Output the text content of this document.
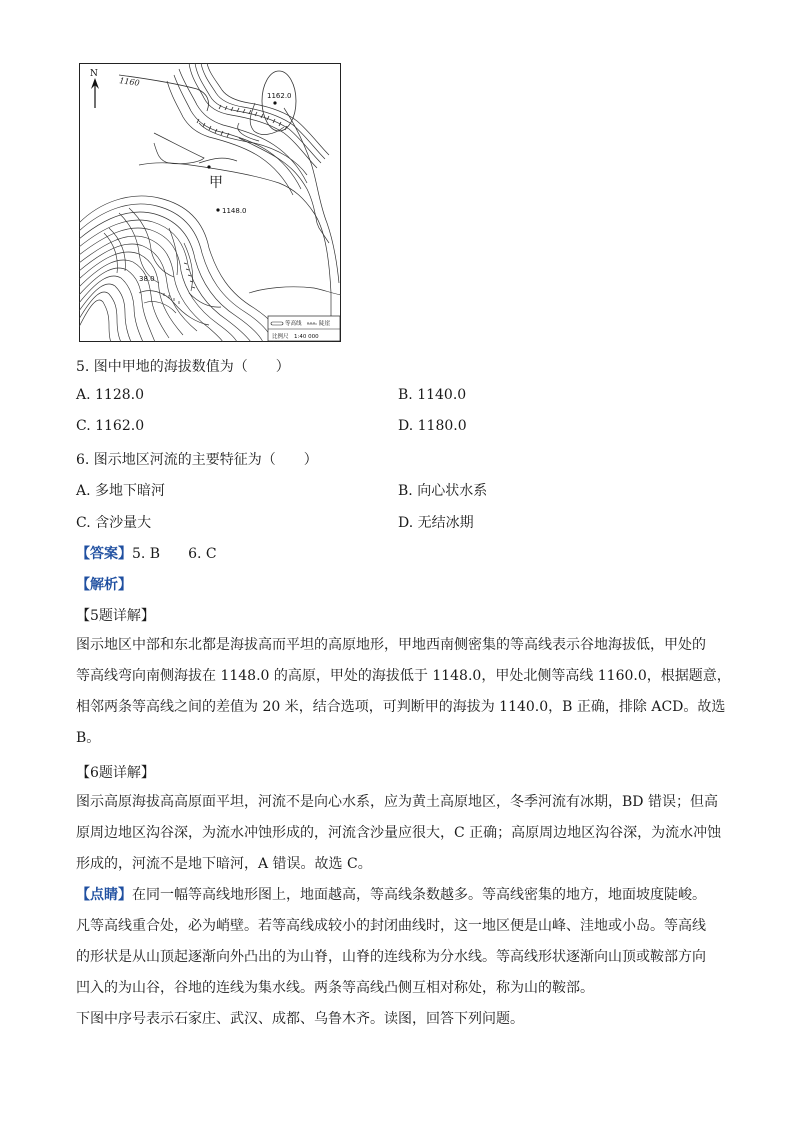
N
1160
1162.0
甲
1148.0
38.0
等高线	陡崖
比例尺　1:40 000
5. 图中甲地的海拔数值为（　　）
A. 1128.0	B. 1140.0
C. 1162.0	D. 1180.0
6. 图示地区河流的主要特征为（　　）
A. 多地下暗河	B. 向心状水系
C. 含沙量大	D. 无结冰期
【答案】5. B　　6. C
【解析】
【5题详解】

图示地区中部和东北都是海拔高而平坦的高原地形，甲地西南侧密集的等高线表示谷地海拔低，甲处的

等高线弯向南侧海拔在 1148.0 的高原，甲处的海拔低于 1148.0，甲处北侧等高线 1160.0，根据题意，

相邻两条等高线之间的差值为 20 米，结合选项，可判断甲的海拔为 1140.0，B 正确，排除 ACD。故选

B。

【6题详解】

图示高原海拔高高原面平坦，河流不是向心水系，应为黄土高原地区，冬季河流有冰期，BD 错误；但高

原周边地区沟谷深，为流水冲蚀形成的，河流含沙量应很大，C 正确；高原周边地区沟谷深，为流水冲蚀

形成的，河流不是地下暗河，A 错误。故选 C。

【点睛】在同一幅等高线地形图上，地面越高，等高线条数越多。等高线密集的地方，地面坡度陡峻。

凡等高线重合处，必为峭壁。若等高线成较小的封闭曲线时，这一地区便是山峰、洼地或小岛。等高线

的形状是从山顶起逐渐向外凸出的为山脊，山脊的连线称为分水线。等高线形状逐渐向山顶或鞍部方向

凹入的为山谷，谷地的连线为集水线。两条等高线凸侧互相对称处，称为山的鞍部。

下图中序号表示石家庄、武汉、成都、乌鲁木齐。读图，回答下列问题。
